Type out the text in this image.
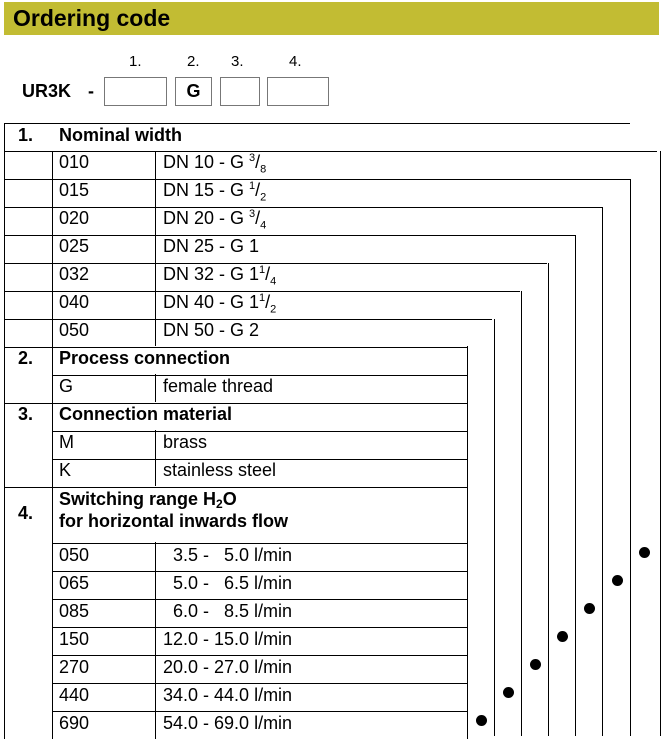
Ordering code
1.	2. 3.	4.
UR3K -	G
1. Nominal width
010	DN 10 - G $^3/_8$
015	DN 15 - G $^1/_2$
020	DN 20 - G $^3/_4$
025	DN 25 - G 1
032	DN 32 - G $1^1/_4$
040	DN 40 - G $1^1/_2$
050	DN 50 - G 2
2. Process connection
G	female thread
3. Connection material
M	brass
K	stainless steel
4.
Switching range H2O
for horizontal inwards flow
050	3.5 -   5.0 l/min
065	5.0 -   6.5 l/min
085	6.0 -   8.5 l/min
150	12.0 - 15.0 l/min
270	20.0 - 27.0 l/min
440	34.0 - 44.0 l/min
690	54.0 - 69.0 l/min
